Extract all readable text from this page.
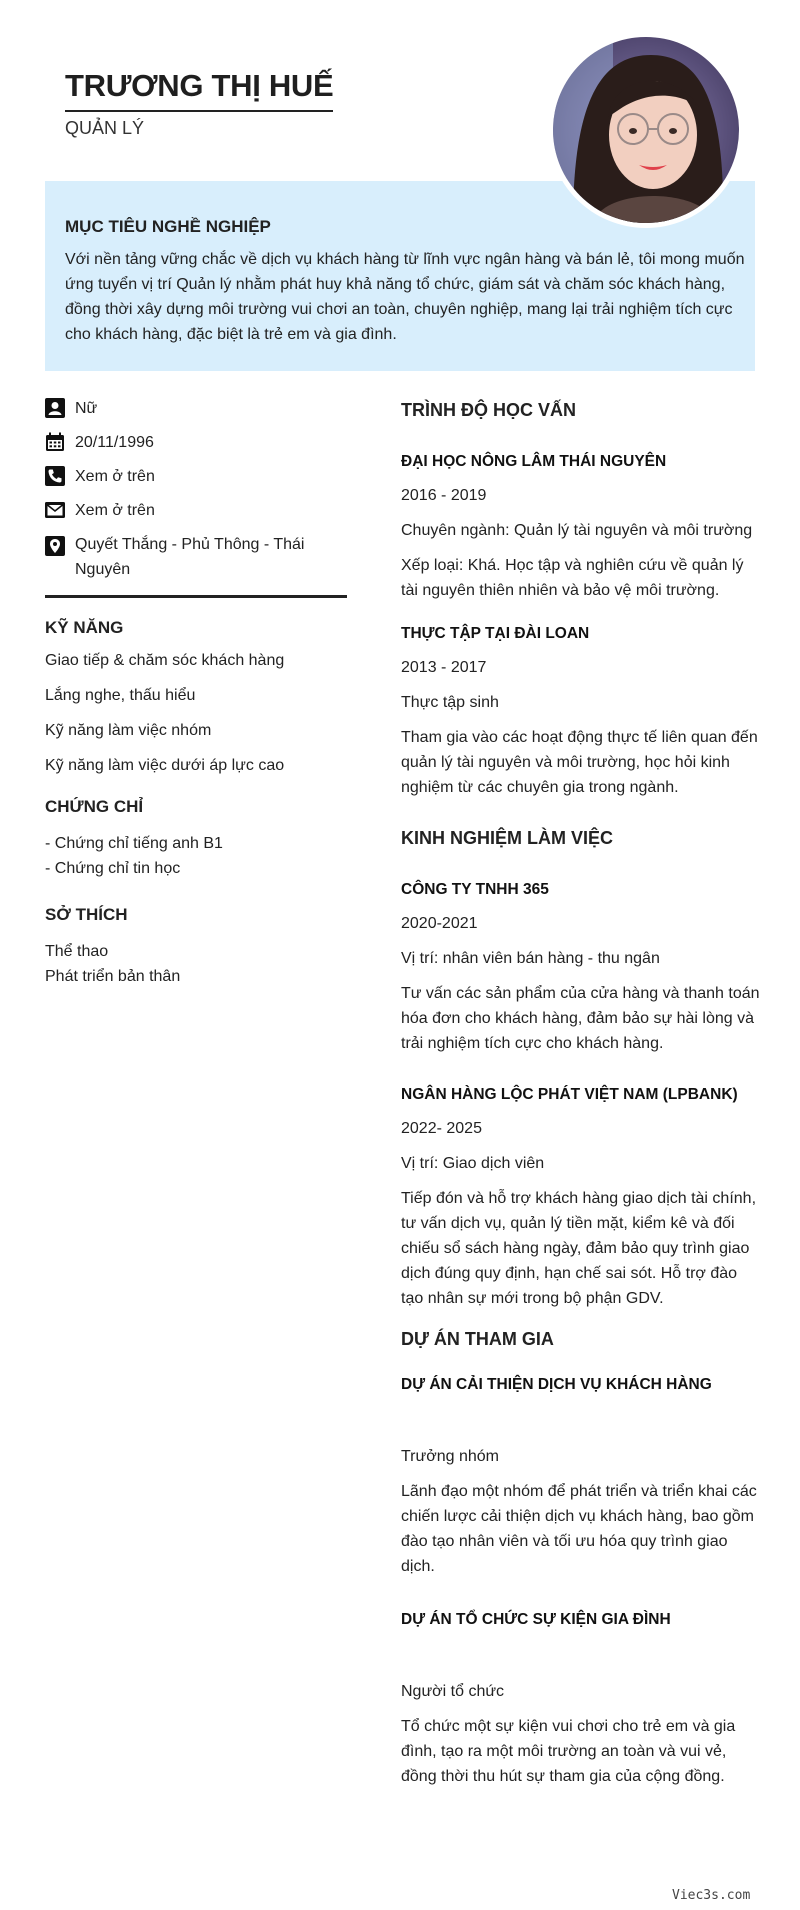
TRƯƠNG THỊ HUẾ
QUẢN LÝ
MỤC TIÊU NGHỀ NGHIỆP

Với nền tảng vững chắc về dịch vụ khách hàng từ lĩnh vực ngân hàng và bán lẻ, tôi mong muốn ứng tuyển vị trí Quản lý nhằm phát huy khả năng tổ chức, giám sát và chăm sóc khách hàng, đồng thời xây dựng môi trường vui chơi an toàn, chuyên nghiệp, mang lại trải nghiệm tích cực cho khách hàng, đặc biệt là trẻ em và gia đình.

Nữ
20/11/1996
Xem ở trên
Xem ở trên
Quyết Thắng - Phủ Thông - Thái Nguyên
KỸ NĂNG
Giao tiếp & chăm sóc khách hàng
Lắng nghe, thấu hiểu
Kỹ năng làm việc nhóm
Kỹ năng làm việc dưới áp lực cao
CHỨNG CHỈ
- Chứng chỉ tiếng anh B1
- Chứng chỉ tin học
SỞ THÍCH
Thể thao
Phát triển bản thân
TRÌNH ĐỘ HỌC VẤN
ĐẠI HỌC NÔNG LÂM THÁI NGUYÊN
2016 - 2019
Chuyên ngành: Quản lý tài nguyên và môi trường
Xếp loại: Khá. Học tập và nghiên cứu về quản lý tài nguyên thiên nhiên và bảo vệ môi trường.
THỰC TẬP TẠI ĐÀI LOAN
2013 - 2017
Thực tập sinh
Tham gia vào các hoạt động thực tế liên quan đến quản lý tài nguyên và môi trường, học hỏi kinh nghiệm từ các chuyên gia trong ngành.
KINH NGHIỆM LÀM VIỆC
CÔNG TY TNHH 365
2020-2021
Vị trí: nhân viên bán hàng - thu ngân
Tư vấn các sản phẩm của cửa hàng và thanh toán hóa đơn cho khách hàng, đảm bảo sự hài lòng và trải nghiệm tích cực cho khách hàng.
NGÂN HÀNG LỘC PHÁT VIỆT NAM (LPBANK)
2022- 2025
Vị trí: Giao dịch viên
Tiếp đón và hỗ trợ khách hàng giao dịch tài chính, tư vấn dịch vụ, quản lý tiền mặt, kiểm kê và đối chiếu sổ sách hàng ngày, đảm bảo quy trình giao dịch đúng quy định, hạn chế sai sót. Hỗ trợ đào tạo nhân sự mới trong bộ phận GDV.
DỰ ÁN THAM GIA
DỰ ÁN CẢI THIỆN DỊCH VỤ KHÁCH HÀNG
Trưởng nhóm
Lãnh đạo một nhóm để phát triển và triển khai các chiến lược cải thiện dịch vụ khách hàng, bao gồm đào tạo nhân viên và tối ưu hóa quy trình giao dịch.
DỰ ÁN TỔ CHỨC SỰ KIỆN GIA ĐÌNH
Người tổ chức
Tổ chức một sự kiện vui chơi cho trẻ em và gia đình, tạo ra một môi trường an toàn và vui vẻ, đồng thời thu hút sự tham gia của cộng đồng.
Viec3s.com
